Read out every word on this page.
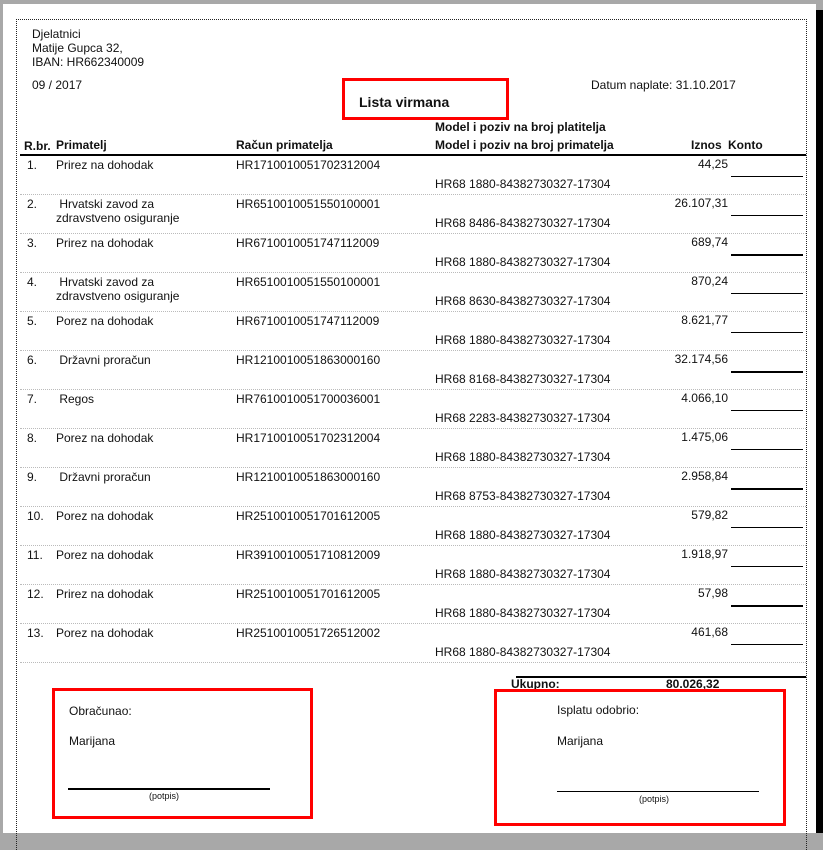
Djelatnici
Matije Gupca 32,
IBAN: HR662340009
09 / 2017
Lista virmana
Datum naplate: 31.10.2017
R.br. Primatelj	Račun primatelja
Model i poziv na broj platitelja
Model i poziv na broj primatelja	Iznos Konto
1. Prirez na dohodak	HR1710010051702312004	44,25
HR68 1880-84382730327-17304
2. Hrvatski zavod za
zdravstveno osiguranje
HR6510010051550100001	26.107,31
HR68 8486-84382730327-17304
3. Prirez na dohodak	HR6710010051747112009	689,74
HR68 1880-84382730327-17304
4. Hrvatski zavod za
zdravstveno osiguranje
HR6510010051550100001	870,24
HR68 8630-84382730327-17304
5. Porez na dohodak	HR6710010051747112009	8.621,77
HR68 1880-84382730327-17304
6. Državni proračun	HR1210010051863000160	32.174,56
HR68 8168-84382730327-17304
7. Regos	HR7610010051700036001	4.066,10
HR68 2283-84382730327-17304
8. Porez na dohodak	HR1710010051702312004	1.475,06
HR68 1880-84382730327-17304
9. Državni proračun	HR1210010051863000160	2.958,84
HR68 8753-84382730327-17304
10. Porez na dohodak	HR2510010051701612005	579,82
HR68 1880-84382730327-17304
11. Porez na dohodak	HR3910010051710812009	1.918,97
HR68 1880-84382730327-17304
12. Prirez na dohodak	HR2510010051701612005	57,98
HR68 1880-84382730327-17304
13. Porez na dohodak	HR2510010051726512002	461,68
HR68 1880-84382730327-17304
Ukupno:	80.026,32
Obračunao:
Marijana
(potpis)
Isplatu odobrio:
Marijana
(potpis)
